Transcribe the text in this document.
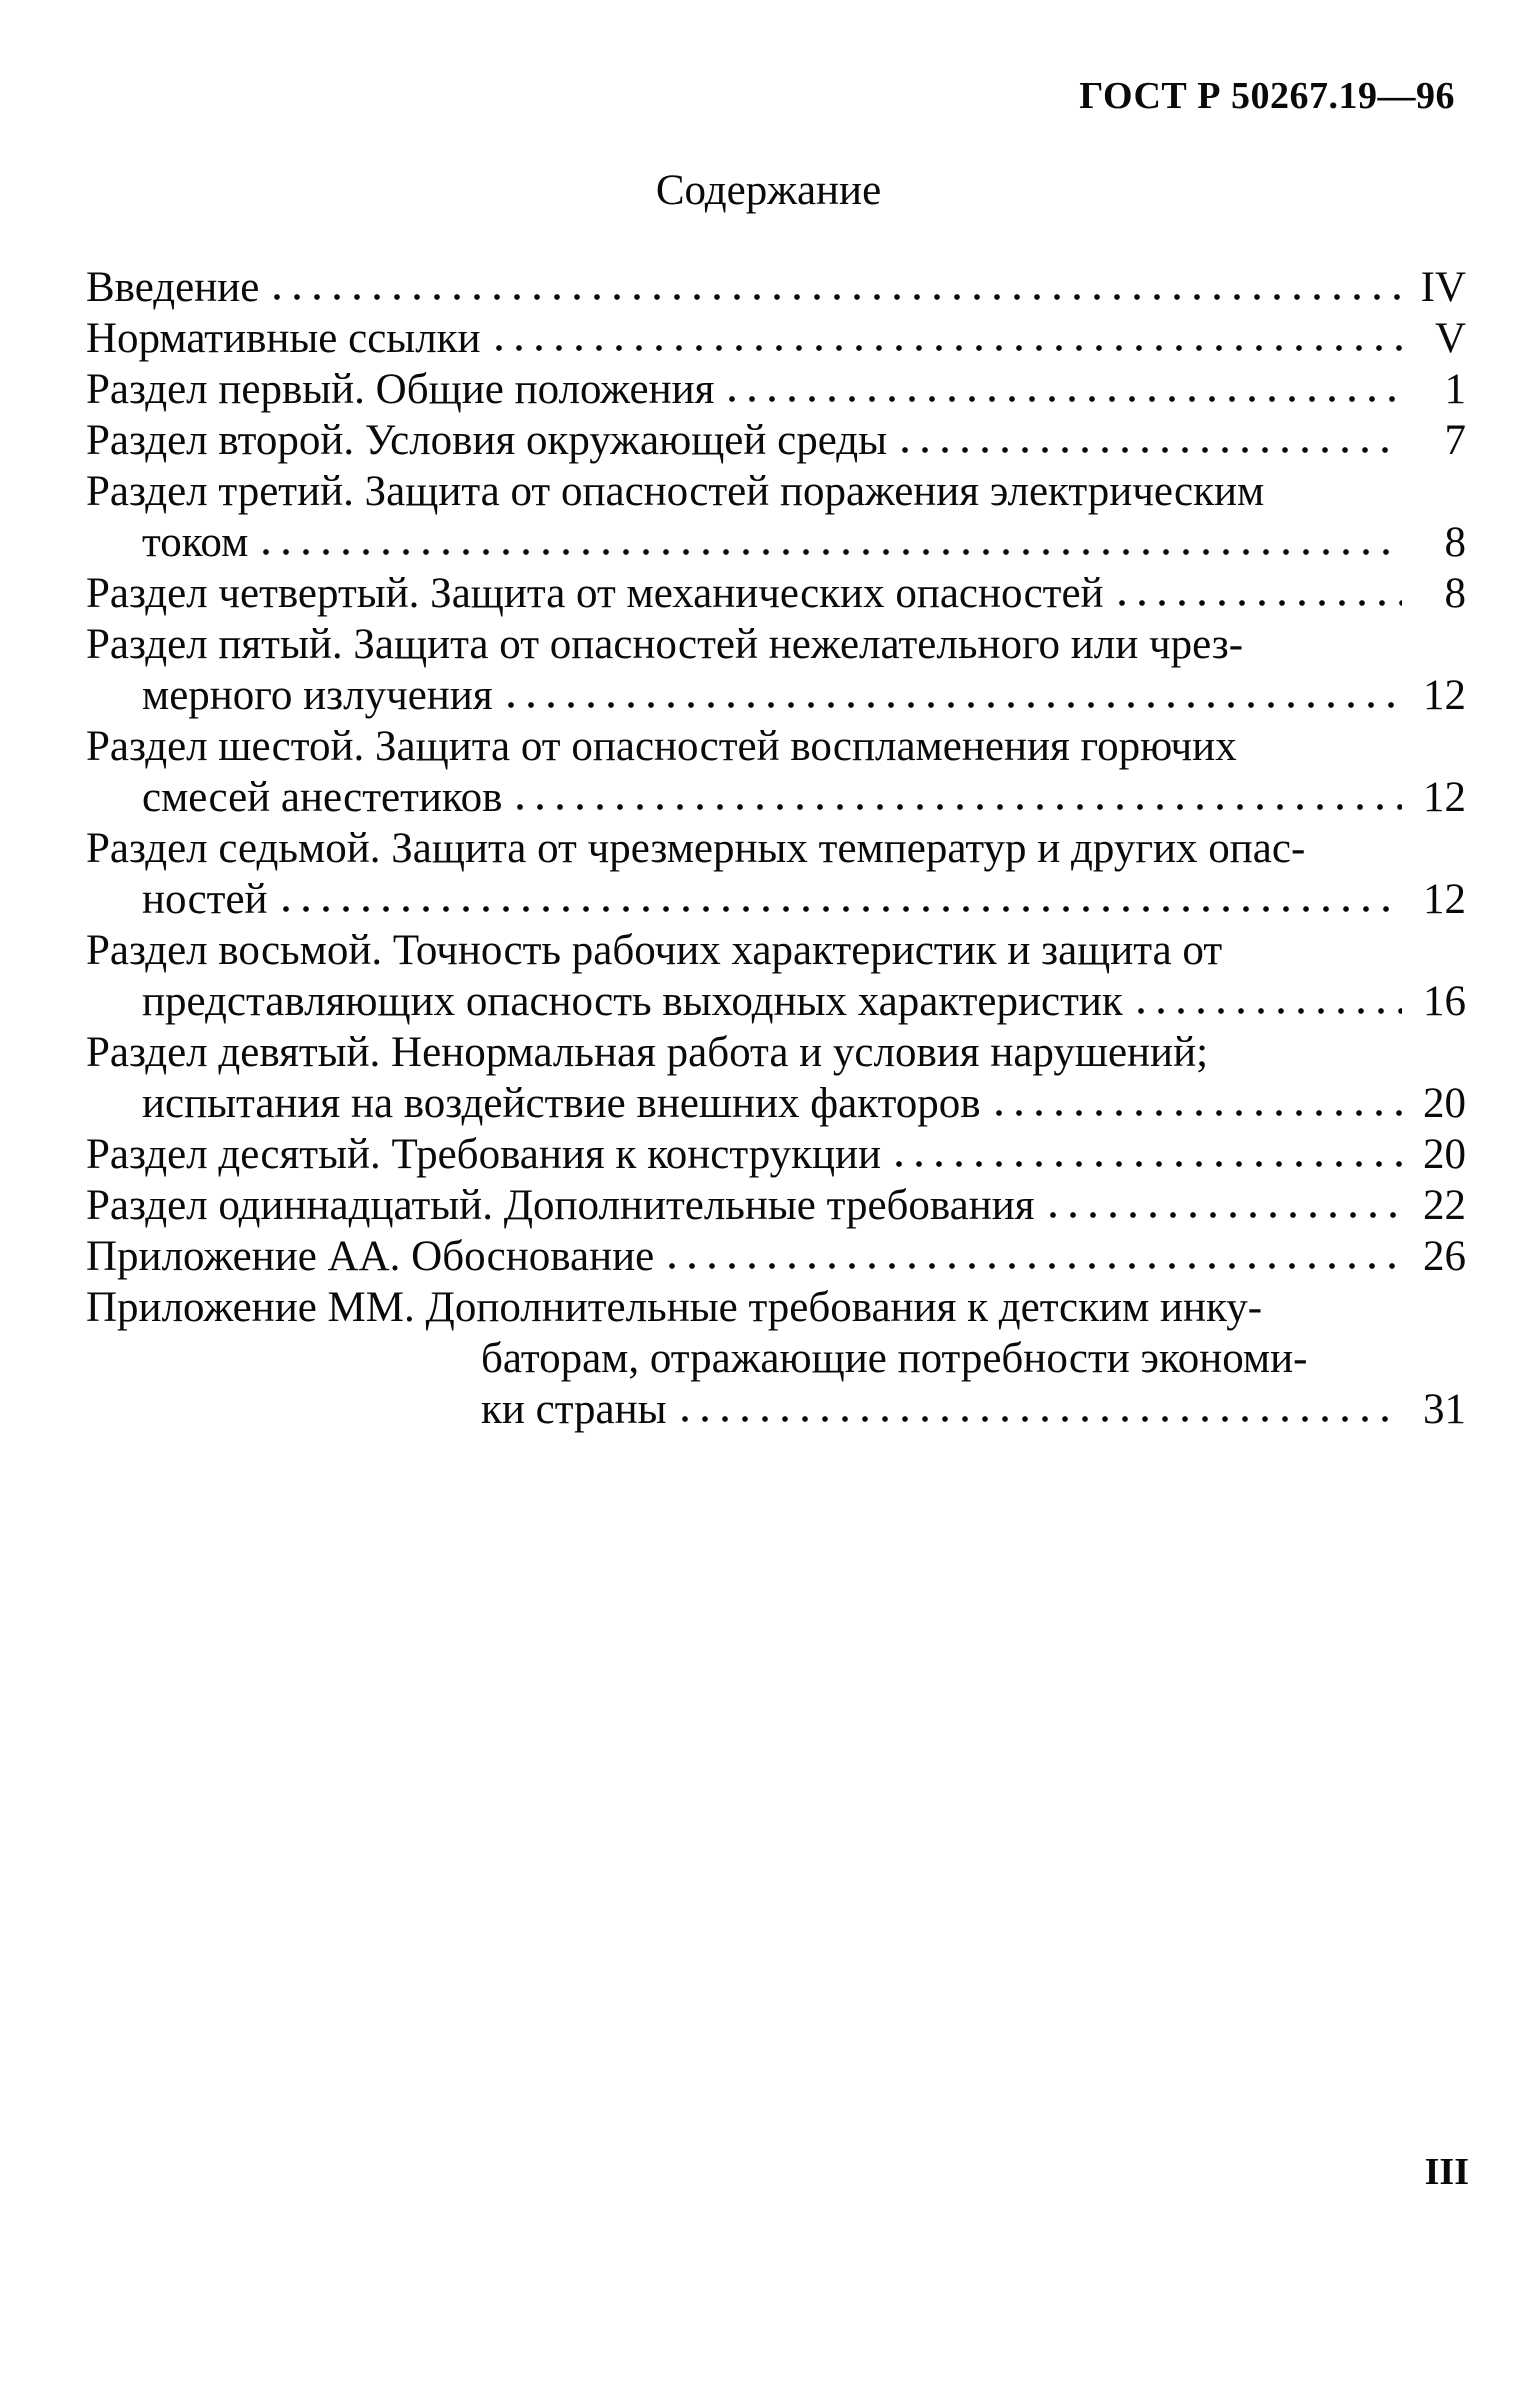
ГОСТ Р 50267.19—96
Содержание
Введение	IV
Нормативные ссылки	V
Раздел первый. Общие положения	1
Раздел второй. Условия окружающей среды	7
Раздел третий. Защита от опасностей поражения электрическим
током	8
Раздел четвертый. Защита от механических опасностей	8
Раздел пятый. Защита от опасностей нежелательного или чрез-
мерного излучения	12
Раздел шестой. Защита от опасностей воспламенения горючих
смесей анестетиков	12
Раздел седьмой. Защита от чрезмерных температур и других опас-
ностей	12
Раздел восьмой. Точность рабочих характеристик и защита от
представляющих опасность выходных характеристик	16
Раздел девятый. Ненормальная работа и условия нарушений;
испытания на воздействие внешних факторов	20
Раздел десятый. Требования к конструкции	20
Раздел одиннадцатый. Дополнительные требования	22
Приложение АА. Обоснование	26
Приложение ММ. Дополнительные требования к детским инку-
баторам, отражающие потребности экономи-
ки страны	31
III
